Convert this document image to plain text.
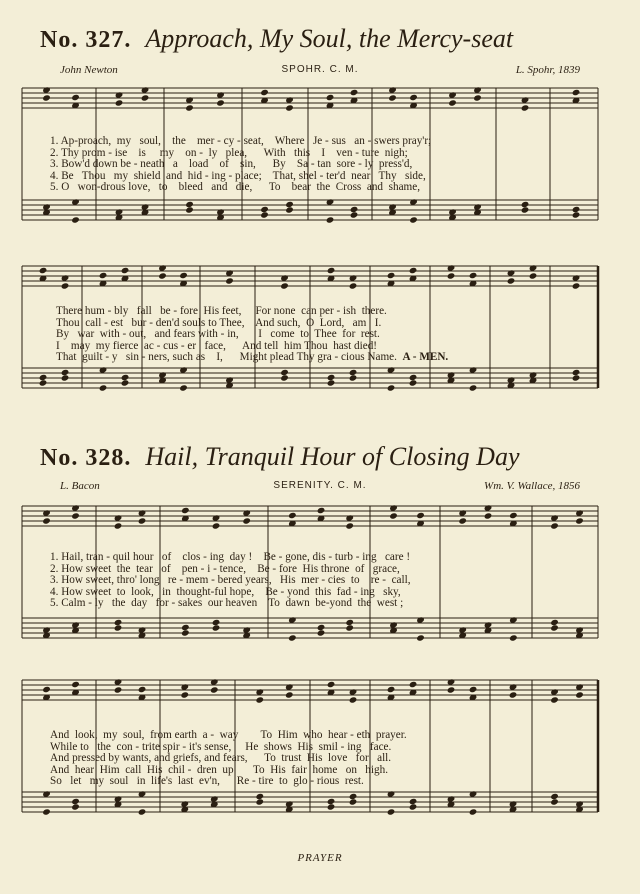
No. 327. Approach, My Soul, the Mercy-seat
John Newton	SPOHR. C. M.	L. Spohr, 1839
1. Ap-proach,  my   soul,    the    mer - cy - seat,    Where   Je - sus   an - swers pray'r;
2. Thy prom - ise    is     my    on -  ly   plea,      With   this    I    ven - ture  nigh;
3. Bow'd down be - neath   a    load    of    sin,      By    Sa - tan  sore - ly  press'd,
4. Be   Thou   my  shield  and  hid - ing - place;    That, shel - ter'd  near   Thy   side,
5. O   won-drous love,   to    bleed   and   die,      To    bear  the  Cross  and  shame,
There hum - bly   fall   be - fore  His feet,     For none  can per - ish  there.
Thou  call - est   bur - den'd souls to Thee,    And such,  O  Lord,   am   I.
By   war  with - out,   and fears with - in,       I   come  to  Thee  for  rest.
I    may  my fierce  ac - cus - er   face,      And tell  him Thou  hast died!
That  guilt - y   sin - ners, such as    I,      Might plead Thy gra - cious Name. A - MEN.
No. 328. Hail, Tranquil Hour of Closing Day
L. Bacon	SERENITY. C. M.	Wm. V. Wallace, 1856
1. Hail, tran - quil hour   of    clos - ing  day !    Be - gone, dis - turb - ing   care !
2. How sweet  the  tear   of    pen - i - tence,    Be - fore  His throne  of   grace,
3. How sweet, thro' long   re - mem - bered years,   His  mer - cies  to    re -  call,
4. How sweet  to  look,   in  thought-ful hope,    Be - yond  this  fad - ing   sky,
5. Calm - ly   the  day   for - sakes  our heaven    To  dawn  be-yond  the  west ;
And  look,  my  soul,  from earth  a -  way        To  Him  who  hear - eth  prayer.
While to   the  con - trite spir - it's sense,     He  shows  His  smil - ing   face.
And pressed by wants, and griefs, and fears,      To  trust  His  love   for   all.
And  hear  Him  call  His  chil -  dren  up       To  His  fair  home   on   high.
So   let   my  soul   in  life's  last  ev'n,      Re - tire  to  glo - rious  rest.
PRAYER
